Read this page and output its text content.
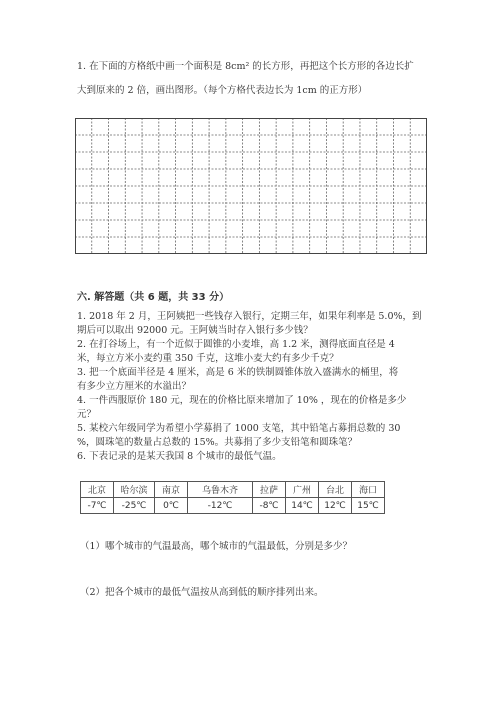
1. 在下面的方格纸中画一个面积是 8cm² 的长方形，再把这个长方形的各边长扩
大到原来的 2 倍，画出图形。（每个方格代表边长为 1cm 的正方形）
六. 解答题（共 6 题，共 33 分）
1. 2018 年 2 月，王阿姨把一些钱存入银行，定期三年，如果年利率是 5.0%，到
期后可以取出 92000 元。王阿姨当时存入银行多少钱？
2. 在打谷场上，有一个近似于圆锥的小麦堆，高 1.2 米，测得底面直径是 4
米，每立方米小麦约重 350 千克，这堆小麦大约有多少千克？
3. 把一个底面半径是 4 厘米，高是 6 米的铁制圆锥体放入盛满水的桶里，将
有多少立方厘米的水溢出？
4. 一件西服原价 180 元，现在的价格比原来增加了 10% ，现在的价格是多少
元？
5. 某校六年级同学为希望小学募捐了 1000 支笔，其中铅笔占募捐总数的 30
%，圆珠笔的数量占总数的 15%。共募捐了多少支铅笔和圆珠笔？
6. 下表记录的是某天我国 8 个城市的最低气温。
北京	哈尔滨	南京	乌鲁木齐	拉萨	广州	台北	海口
-7℃	-25℃	0℃	-12℃	-8℃	14℃	12℃	15℃
（1）哪个城市的气温最高，哪个城市的气温最低，分别是多少？
（2）把各个城市的最低气温按从高到低的顺序排列出来。
